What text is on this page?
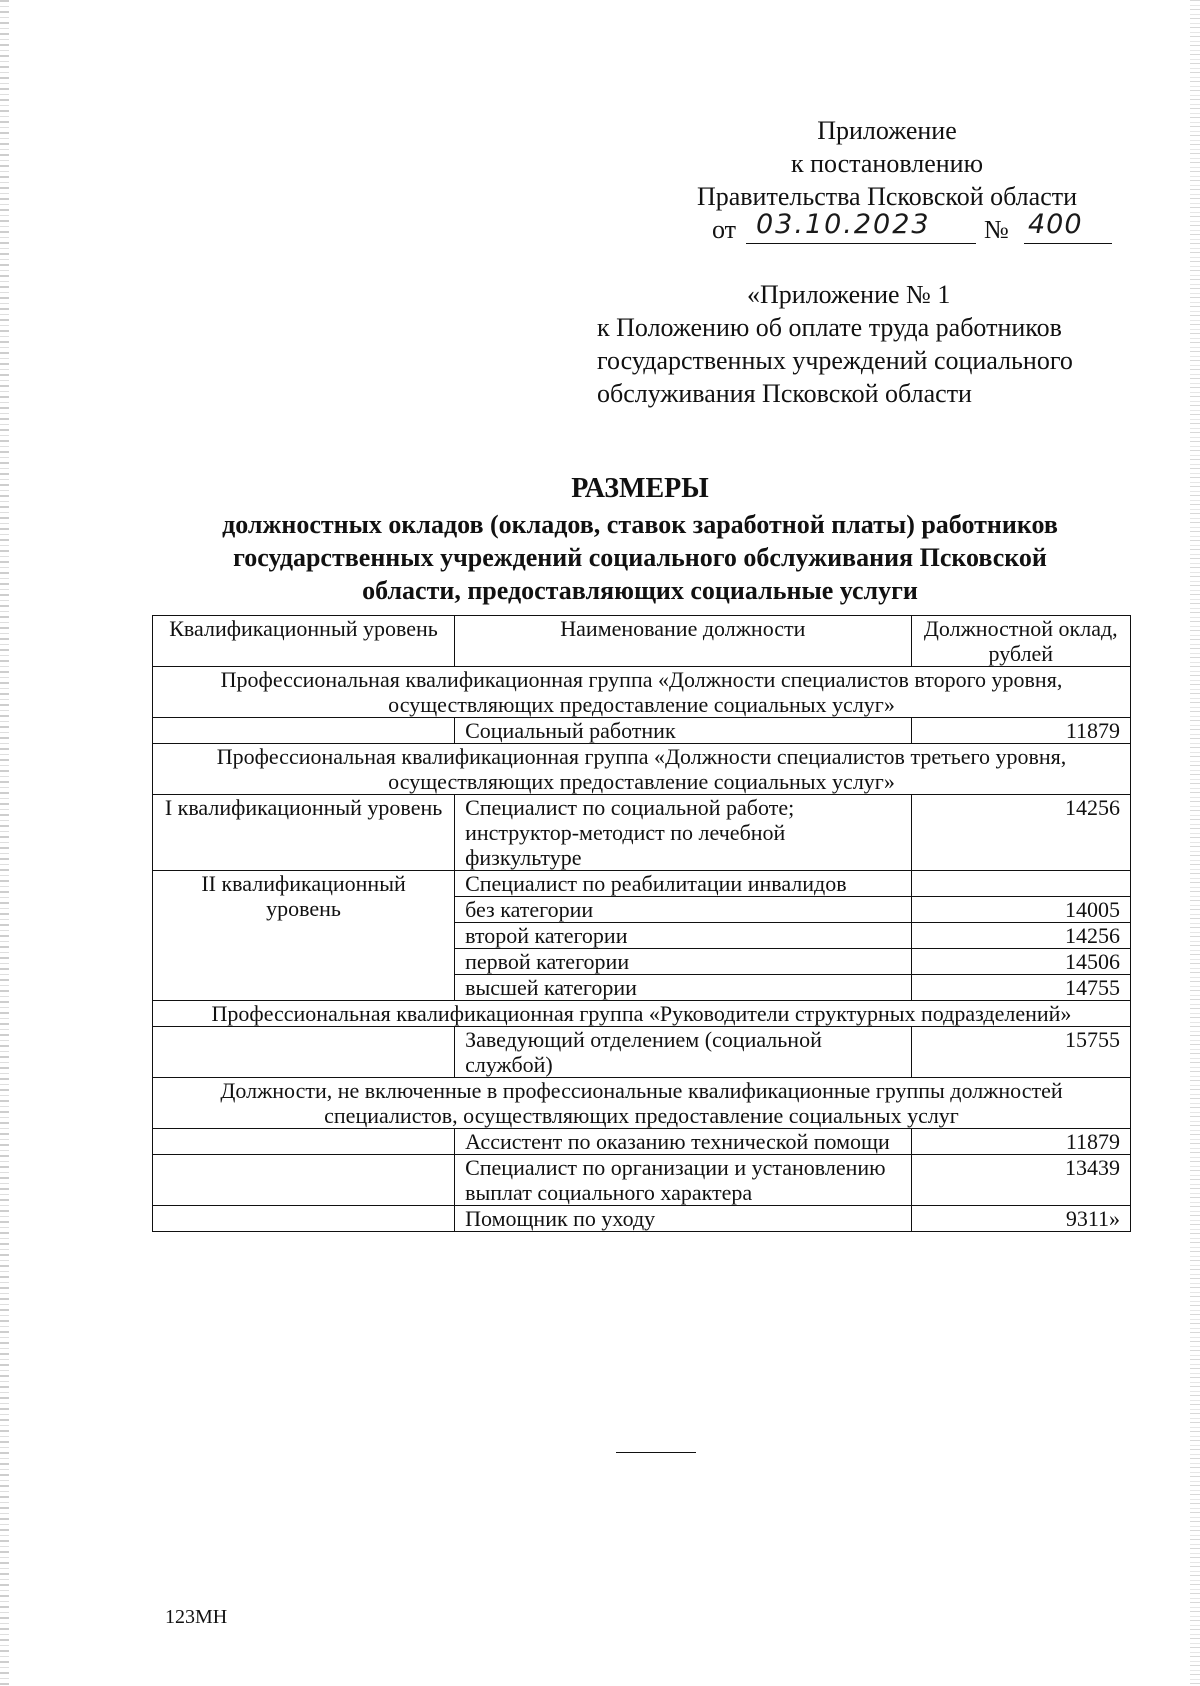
Приложение
к постановлению
Правительства Псковской области
от 03.10.2023 № 400
«Приложение № 1
к Положению об оплате труда работников
государственных учреждений социального
обслуживания Псковской области
РАЗМЕРЫ
должностных окладов (окладов, ставок заработной платы) работников
государственных учреждений социального обслуживания Псковской
области, предоставляющих социальные услуги
Квалификационный уровень	Наименование должности	Должностной оклад, рублей
Профессиональная квалификационная группа «Должности специалистов второго уровня, осуществляющих предоставление социальных услуг»		
	Социальный работник	11879
Профессиональная квалификационная группа «Должности специалистов третьего уровня, осуществляющих предоставление социальных услуг»		
I квалификационный уровень	Специалист по социальной работе; инструктор-методист по лечебной физкультуре	14256
II квалификационный уровень	Специалист по реабилитации инвалидов	
	без категории	14005
	второй категории	14256
	первой категории	14506
	высшей категории	14755
Профессиональная квалификационная группа «Руководители структурных подразделений»		
	Заведующий отделением (социальной службой)	15755
Должности, не включенные в профессиональные квалификационные группы должностей специалистов, осуществляющих предоставление социальных услуг		
	Ассистент по оказанию технической помощи	11879
	Специалист по организации и установлению выплат социального характера	13439
	Помощник по уходу	9311»
123МН
